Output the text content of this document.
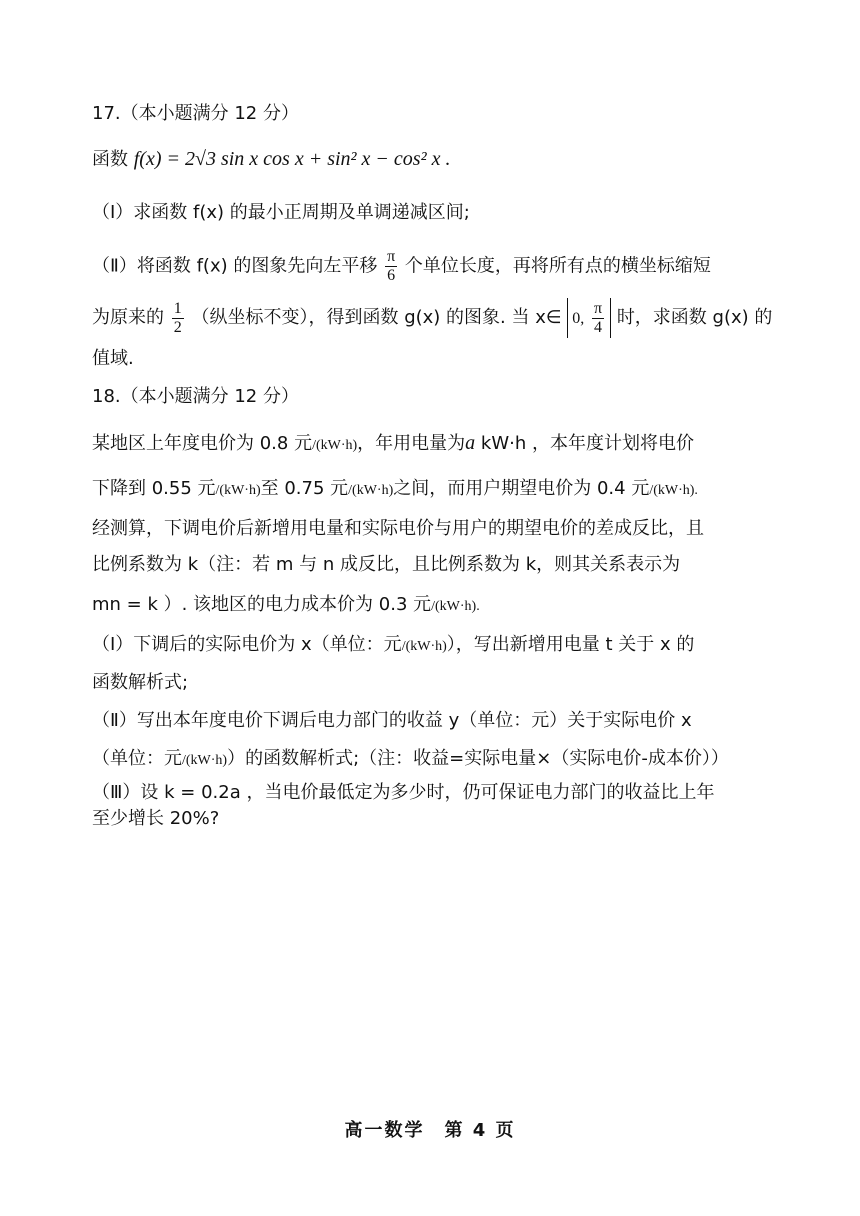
17.（本小题满分 12 分）
函数 f(x) = 2√3 sin x cos x + sin² x − cos² x .
（Ⅰ）求函数 f(x) 的最小正周期及单调递减区间;
（Ⅱ）将函数 f(x) 的图象先向左平移 $\frac{\pi}{6}$ 个单位长度，再将所有点的横坐标缩短
为原来的 $\frac{1}{2}$ （纵坐标不变），得到函数 g(x) 的图象. 当 x∈ 0, $\frac{\pi}{4}$ 时，求函数 g(x) 的
值域.
18.（本小题满分 12 分）
某地区上年度电价为 0.8 元/(kW·h)，年用电量为a kW·h ，本年度计划将电价
下降到 0.55 元/(kW·h)至 0.75 元/(kW·h)之间，而用户期望电价为 0.4 元/(kW·h).
经测算，下调电价后新增用电量和实际电价与用户的期望电价的差成反比，且
比例系数为 k（注：若 m 与 n 成反比，且比例系数为 k，则其关系表示为
mn = k ）. 该地区的电力成本价为 0.3 元/(kW·h).
（Ⅰ）下调后的实际电价为 x（单位：元/(kW·h)），写出新增用电量 t 关于 x 的
函数解析式;
（Ⅱ）写出本年度电价下调后电力部门的收益 y（单位：元）关于实际电价 x
（单位：元/(kW·h)）的函数解析式;（注：收益=实际电量×（实际电价-成本价））
（Ⅲ）设 k = 0.2a ，当电价最低定为多少时，仍可保证电力部门的收益比上年
至少增长 20%?
高一数学　第 4 页
